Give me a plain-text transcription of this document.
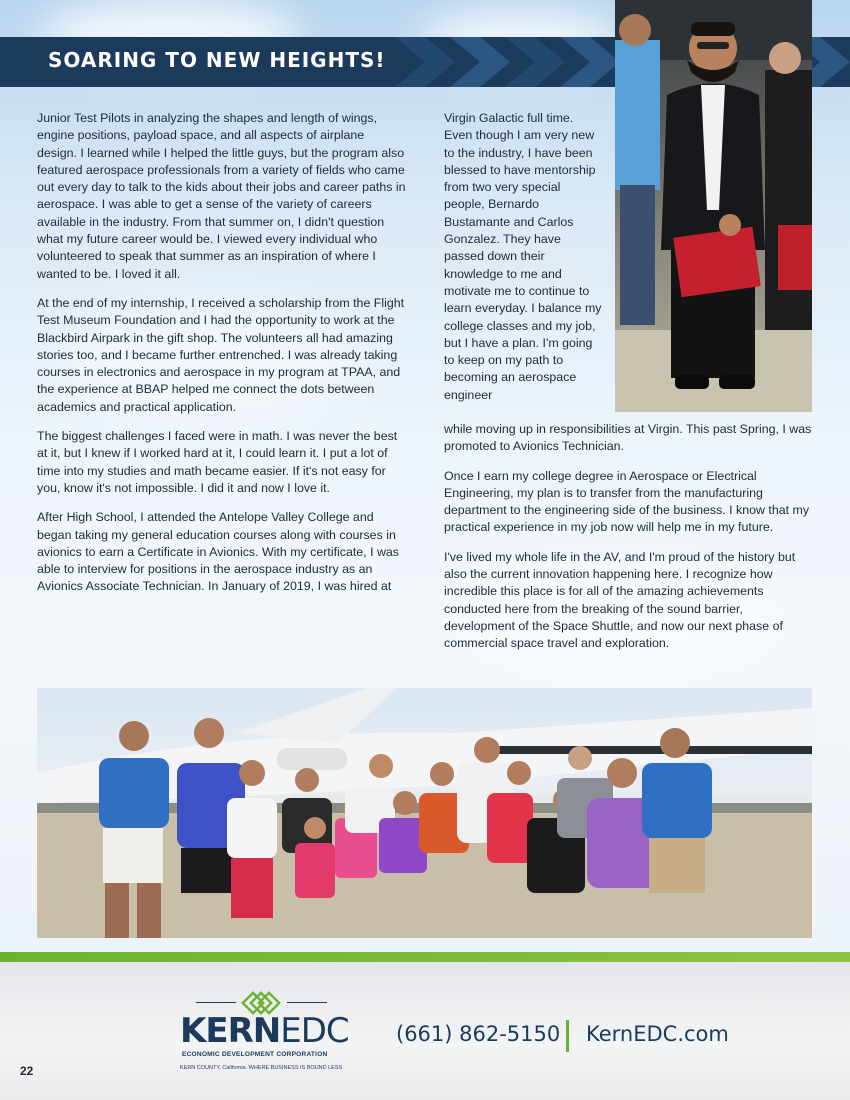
SOARING TO NEW HEIGHTS!

Junior Test Pilots in analyzing the shapes and length of wings, engine positions, payload space, and all aspects of airplane design. I learned while I helped the little guys, but the program also featured aerospace professionals from a variety of fields who came out every day to talk to the kids about their jobs and career paths in aerospace. I was able to get a sense of the variety of careers available in the industry. From that summer on, I didn't question what my future career would be. I viewed every individual who volunteered to speak that summer as an inspiration of where I wanted to be. I loved it all.

At the end of my internship, I received a scholarship from the Flight Test Museum Foundation and I had the opportunity to work at the Blackbird Airpark in the gift shop. The volunteers all had amazing stories too, and I became further entrenched. I was already taking courses in electronics and aerospace in my program at TPAA, and the experience at BBAP helped me connect the dots between academics and practical application.

The biggest challenges I faced were in math. I was never the best at it, but I knew if I worked hard at it, I could learn it. I put a lot of time into my studies and math became easier. If it's not easy for you, know it's not impossible. I did it and now I love it.

After High School, I attended the Antelope Valley College and began taking my general education courses along with courses in avionics to earn a Certificate in Avionics. With my certificate, I was able to interview for positions in the aerospace industry as an Avionics Associate Technician. In January of 2019, I was hired at

Virgin Galactic full time. Even though I am very new to the industry, I have been blessed to have mentorship from two very special people, Bernardo Bustamante and Carlos Gonzalez. They have passed down their knowledge to me and motivate me to continue to learn everyday. I balance my college classes and my job, but I have a plan. I'm going to keep on my path to becoming an aerospace engineer

while moving up in responsibilities at Virgin. This past Spring, I was promoted to Avionics Technician.

Once I earn my college degree in Aerospace or Electrical Engineering, my plan is to transfer from the manufacturing department to the engineering side of the business. I know that my practical experience in my job now will help me in my future.

I've lived my whole life in the AV, and I'm proud of the history but also the current innovation happening here. I recognize how incredible this place is for all of the amazing achievements conducted here from the breaking of the sound barrier, development of the Space Shuttle, and now our next phase of commercial space travel and exploration.

KERNEDC
ECONOMIC DEVELOPMENT CORPORATION
KERN COUNTY, California. WHERE BUSINESS IS BOUND LESS
(661) 862-5150 KernEDC.com
22
